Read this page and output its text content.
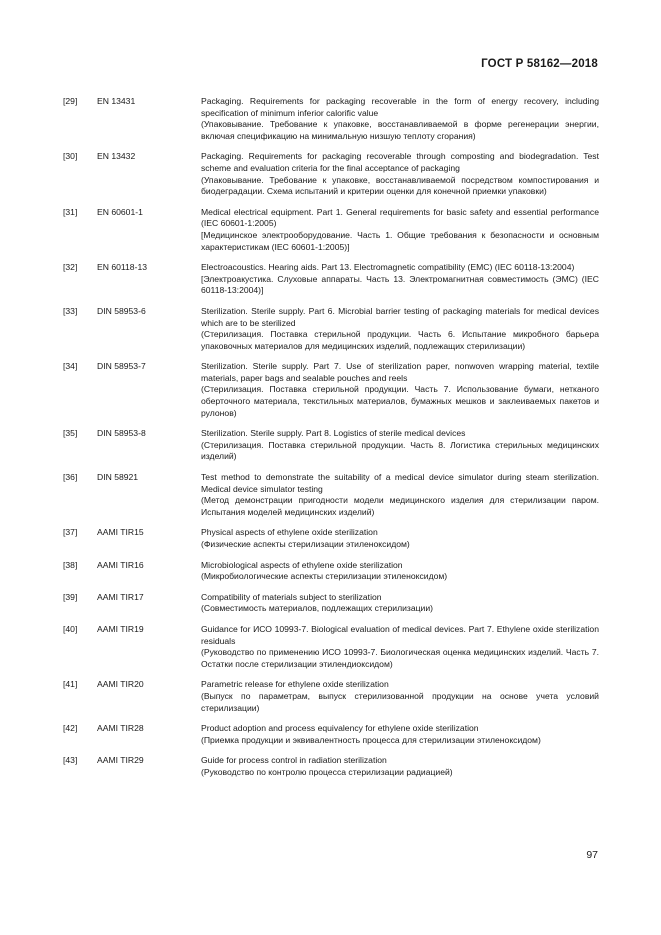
ГОСТ Р 58162—2018
[29]	EN 13431	Packaging. Requirements for packaging recoverable in the form of energy recovery, including specification of minimum inferior calorific value
(Упаковывание. Требование к упаковке, восстанавливаемой в форме регенерации энергии, включая спецификацию на минимальную низшую теплоту сгорания)
[30]	EN 13432	Packaging. Requirements for packaging recoverable through composting and biodegradation. Test scheme and evaluation criteria for the final acceptance of packaging
(Упаковывание. Требование к упаковке, восстанавливаемой посредством компостирования и биодеградации. Схема испытаний и критерии оценки для конечной приемки упаковки)
[31]	EN 60601-1	Medical electrical equipment. Part 1. General requirements for basic safety and essential performance (IEC 60601-1:2005)
[Медицинское электрооборудование. Часть 1. Общие требования к безопасности и основным характеристикам (IEC 60601-1:2005)]
[32]	EN 60118-13	Electroacoustics. Hearing aids. Part 13. Electromagnetic compatibility (EMC) (IEC 60118-13:2004)
[Электроакустика. Слуховые аппараты. Часть 13. Электромагнитная совместимость (ЭМС) (IEC 60118-13:2004)]
[33]	DIN 58953-6	Sterilization. Sterile supply. Part 6. Microbial barrier testing of packaging materials for medical devices which are to be sterilized
(Стерилизация. Поставка стерильной продукции. Часть 6. Испытание микробного барьера упаковочных материалов для медицинских изделий, подлежащих стерилизации)
[34]	DIN 58953-7	Sterilization. Sterile supply. Part 7. Use of sterilization paper, nonwoven wrapping material, textile materials, paper bags and sealable pouches and reels
(Стерилизация. Поставка стерильной продукции. Часть 7. Использование бумаги, нетканого оберточного материала, текстильных материалов, бумажных мешков и заклеиваемых пакетов и рулонов)
[35]	DIN 58953-8	Sterilization. Sterile supply. Part 8. Logistics of sterile medical devices
(Стерилизация. Поставка стерильной продукции. Часть 8. Логистика стерильных медицинских изделий)
[36]	DIN 58921	Test method to demonstrate the suitability of a medical device simulator during steam sterilization. Medical device simulator testing
(Метод демонстрации пригодности модели медицинского изделия для стерилизации паром. Испытания моделей медицинских изделий)
[37]	AAMI TIR15	Physical aspects of ethylene oxide sterilization
(Физические аспекты стерилизации этиленоксидом)
[38]	AAMI TIR16	Microbiological aspects of ethylene oxide sterilization
(Микробиологические аспекты стерилизации этиленоксидом)
[39]	AAMI TIR17	Compatibility of materials subject to sterilization
(Совместимость материалов, подлежащих стерилизации)
[40]	AAMI TIR19	Guidance for ИСО 10993-7. Biological evaluation of medical devices. Part 7. Ethylene oxide sterilization residuals
(Руководство по применению ИСО 10993-7. Биологическая оценка медицинских изделий. Часть 7. Остатки после стерилизации этилендиоксидом)
[41]	AAMI TIR20	Parametric release for ethylene oxide sterilization
(Выпуск по параметрам, выпуск стерилизованной продукции на основе учета условий стерилизации)
[42]	AAMI TIR28	Product adoption and process equivalency for ethylene oxide sterilization
(Приемка продукции и эквивалентность процесса для стерилизации этиленоксидом)
[43]	AAMI TIR29	Guide for process control in radiation sterilization
(Руководство по контролю процесса стерилизации радиацией)
97
